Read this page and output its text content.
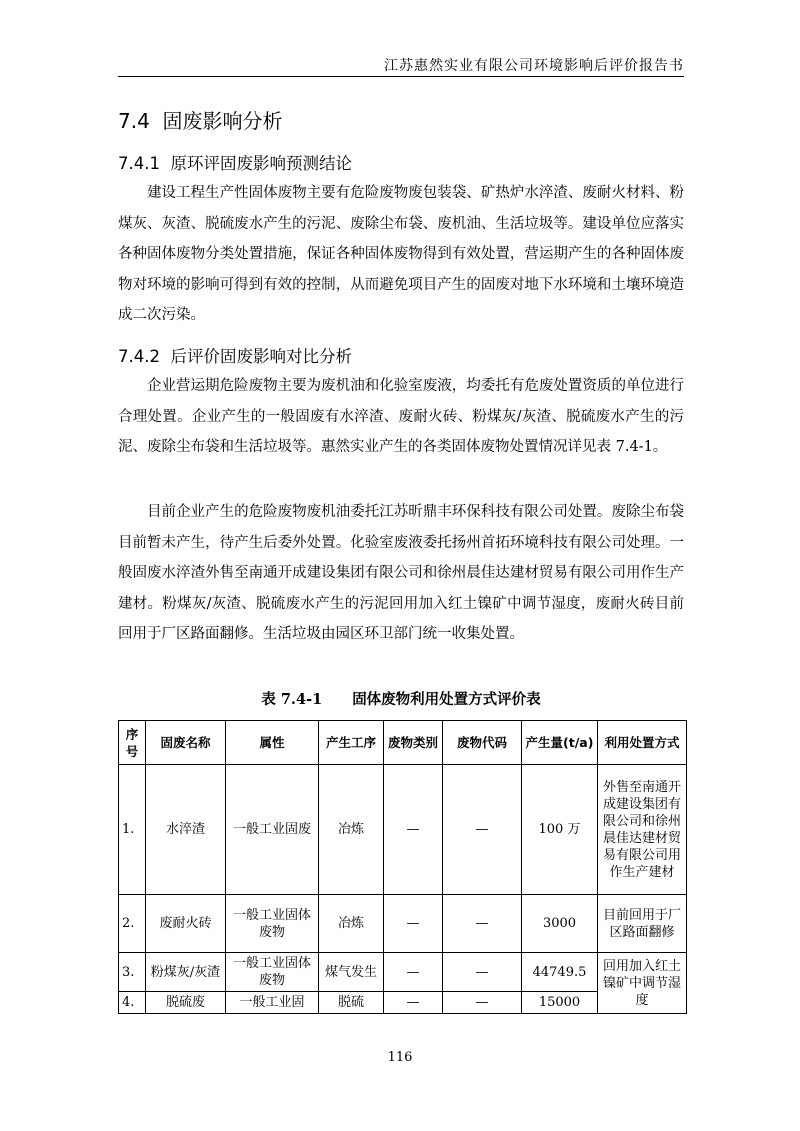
江苏惠然实业有限公司环境影响后评价报告书
7.4  固废影响分析
7.4.1  原环评固废影响预测结论

建设工程生产性固体废物主要有危险废物废包装袋、矿热炉水淬渣、废耐火材料、粉煤灰、灰渣、脱硫废水产生的污泥、废除尘布袋、废机油、生活垃圾等。建设单位应落实各种固体废物分类处置措施，保证各种固体废物得到有效处置，营运期产生的各种固体废物对环境的影响可得到有效的控制，从而避免项目产生的固废对地下水环境和土壤环境造成二次污染。

7.4.2  后评价固废影响对比分析

企业营运期危险废物主要为废机油和化验室废液，均委托有危废处置资质的单位进行合理处置。企业产生的一般固废有水淬渣、废耐火砖、粉煤灰/灰渣、脱硫废水产生的污泥、废除尘布袋和生活垃圾等。惠然实业产生的各类固体废物处置情况详见表 7.4-1。

目前企业产生的危险废物废机油委托江苏昕鼎丰环保科技有限公司处置。废除尘布袋目前暂未产生，待产生后委外处置。化验室废液委托扬州首拓环境科技有限公司处理。一般固废水淬渣外售至南通开成建设集团有限公司和徐州晨佳达建材贸易有限公司用作生产建材。粉煤灰/灰渣、脱硫废水产生的污泥回用加入红土镍矿中调节湿度，废耐火砖目前回用于厂区路面翻修。生活垃圾由园区环卫部门统一收集处置。

表 7.4-1 固体废物利用处置方式评价表
序号	固废名称	属性	产生工序	废物类别	废物代码	产生量(t/a)	利用处置方式
1.	水淬渣	一般工业固废	冶炼	—	—	100 万	外售至南通开成建设集团有限公司和徐州晨佳达建材贸易有限公司用作生产建材
2.	废耐火砖	一般工业固体废物	冶炼	—	—	3000	目前回用于厂区路面翻修
3.	粉煤灰/灰渣	一般工业固体废物	煤气发生	—	—	44749.5	回用加入红土镍矿中调节湿度
4.	脱硫废	一般工业固	脱硫	—	—	15000	
116
